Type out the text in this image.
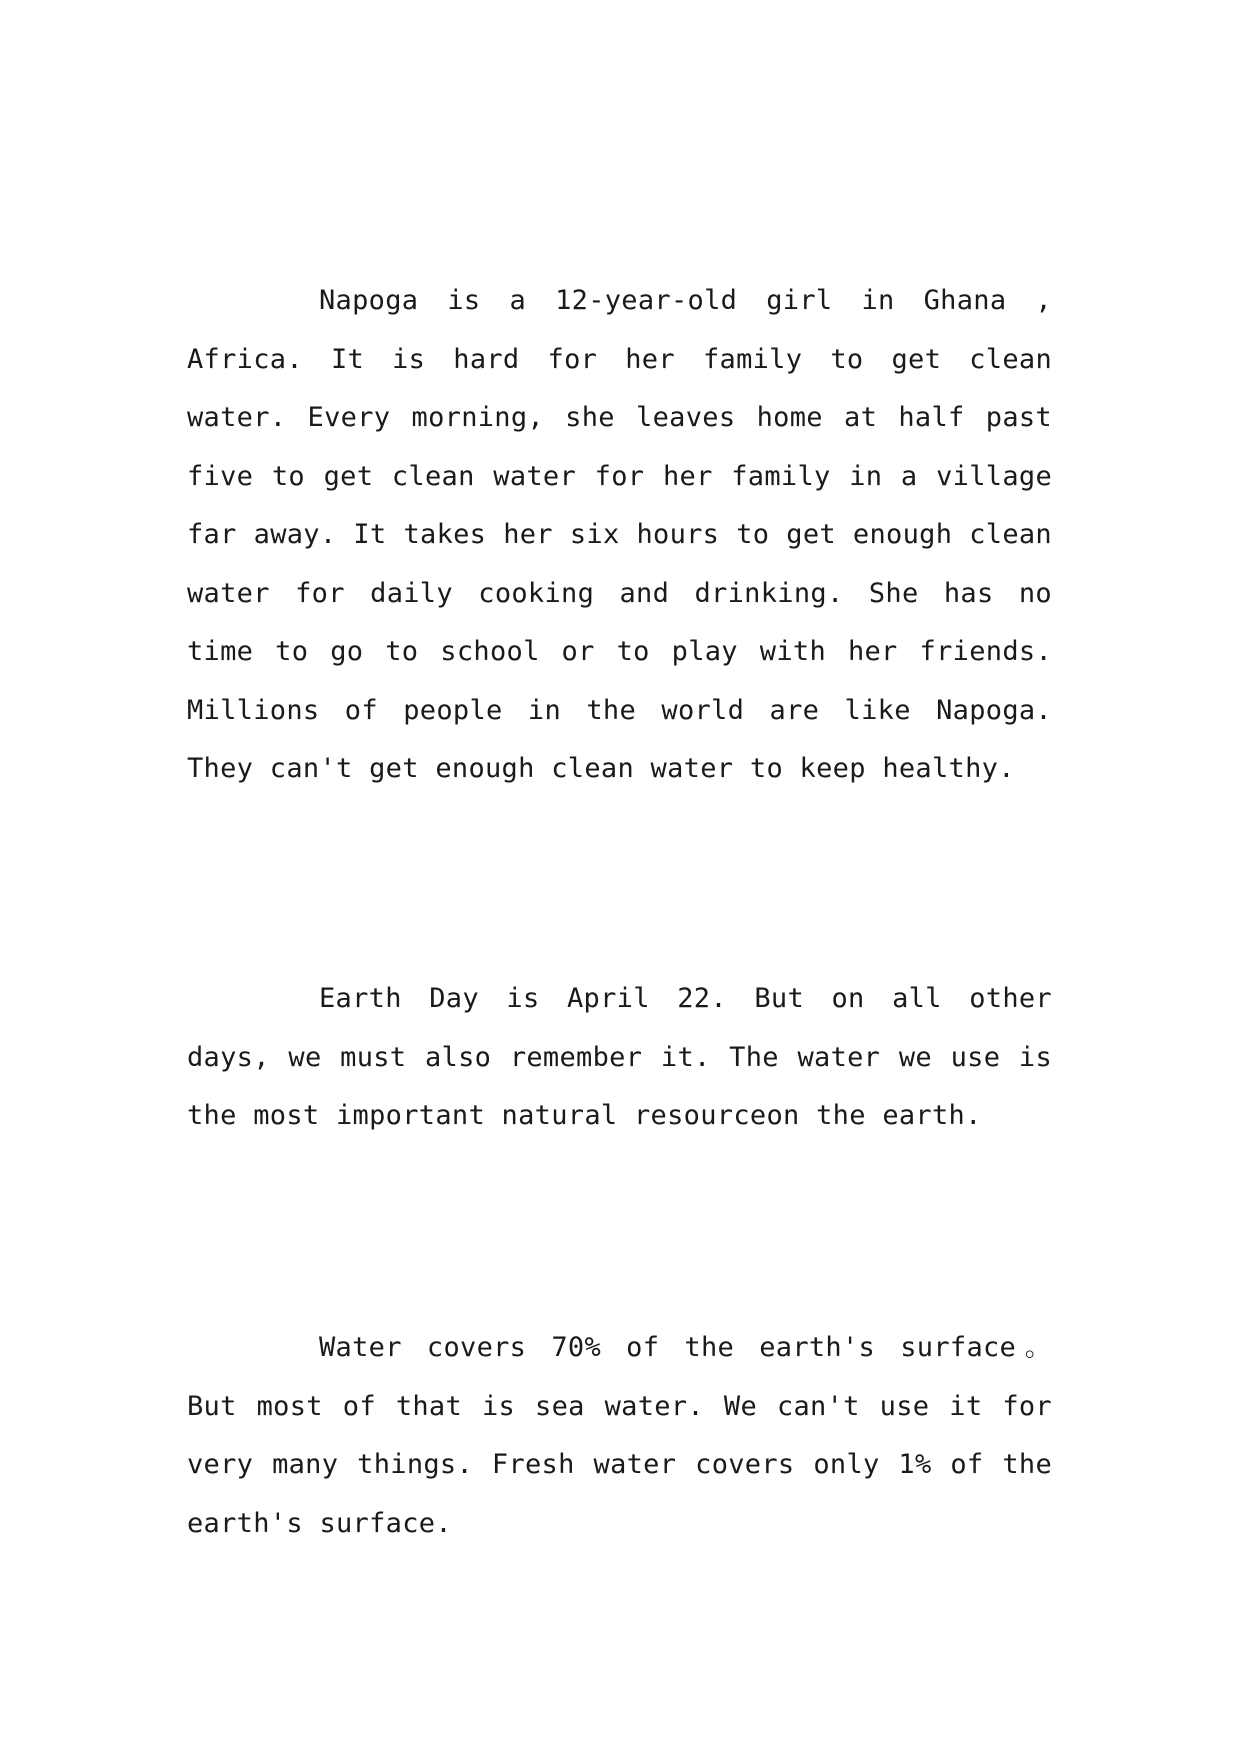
Napoga is a 12-year-old girl in Ghana , Africa. It is hard for her family to get clean water. Every morning, she leaves home at half past five to get clean water for her family in a village far away. It takes her six hours to get enough clean water for daily cooking and drinking. She has no time to go to school or to play with her friends. Millions of people in the world are like Napoga. They can't get enough clean water to keep healthy.

Earth Day is April 22. But on all other days, we must also remember it. The water we use is the most important natural resourceon the earth.

Water covers 70% of the earth's surface。 But most of that is sea water. We can't use it for very many things. Fresh water covers only 1% of the earth's surface.
